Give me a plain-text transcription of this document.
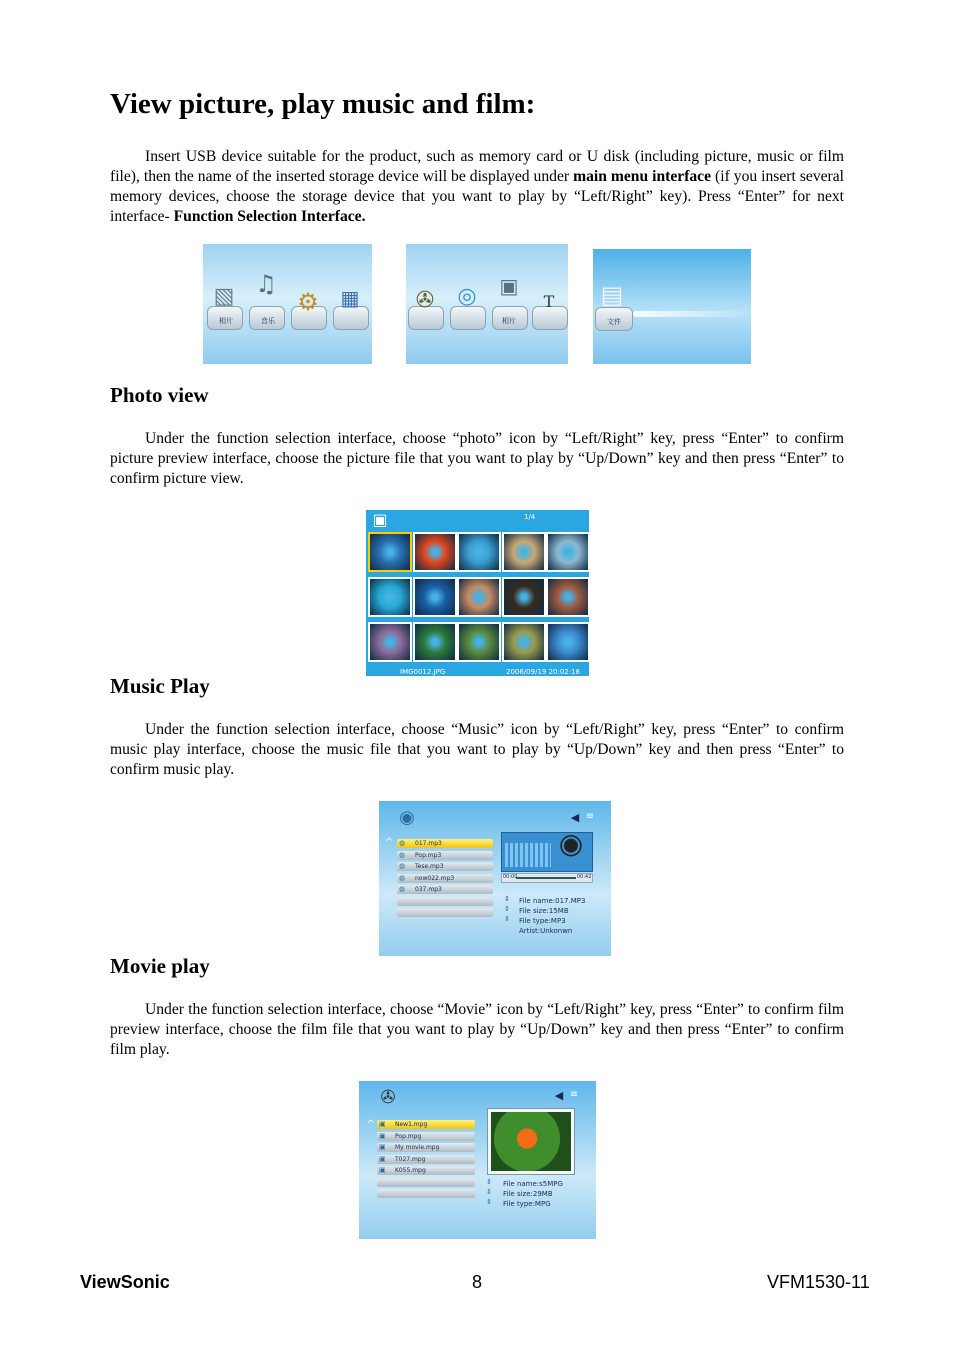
View picture, play music and film:

Insert USB device suitable for the product, such as memory card or U disk (including picture, music or film file), then the name of the inserted storage device will be displayed under main menu interface (if you insert several memory devices, choose the storage device that you want to play by “Left/Right” key). Press “Enter” for next interface- Function Selection Interface.

▧ ♫
⚙ ▦
音乐
相片
✇ ◎ ▣
T
相片
▤
文件
Photo view

Under the function selection interface, choose “photo” icon by “Left/Right” key, press “Enter” to confirm picture preview interface, choose the picture file that you want to play by “Up/Down” key and then press “Enter” to confirm picture view.

▣	1/4
IMG0012.JPG	2006/09/19 20:02:18
Music Play

Under the function selection interface, choose “Music” icon by “Left/Right” key, press “Enter” to confirm music play interface, choose the music file that you want to play by “Up/Down” key and then press “Enter” to confirm music play.

◉	◀ ≡
^ ◍ 017.mp3
◍ Pop.mp3
◍ Tese.mp3
◍ now022.mp3
◍ 037.mp3
◉
00:00	00:42
File name:017.MP3
File size:15MB
File type:MP3
Artist:Unkonwn
⇕
⇕
⇕
Movie play

Under the function selection interface, choose “Movie” icon by “Left/Right” key, press “Enter” to confirm film preview interface, choose the film file that you want to play by “Up/Down” key and then press “Enter” to confirm film play.

✇	◀ ≡
^ ▣ New1.mpg
▣ Pop.mpg
▣ My movie.mpg
▣ T027.mpg
▣ K055.mpg
File name:s5MPG
File size:29MB
File type:MPG
⇕
⇕
⇕
ViewSonic	8	VFM1530-11
